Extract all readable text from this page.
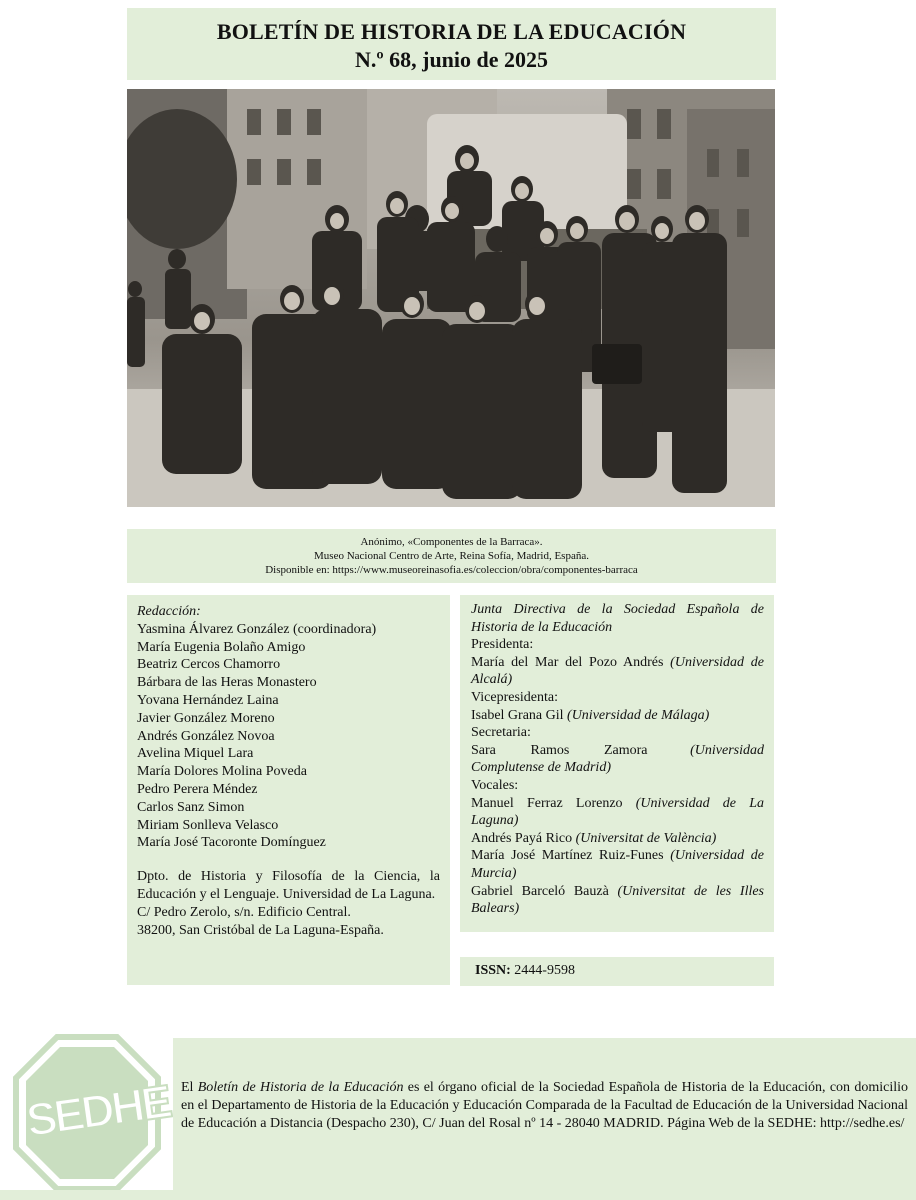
BOLETÍN DE HISTORIA DE LA EDUCACIÓN
N.º 68, junio de 2025
Anónimo, «Componentes de la Barraca».
Museo Nacional Centro de Arte, Reina Sofía, Madrid, España.
Disponible en: https://www.museoreinasofia.es/coleccion/obra/componentes-barraca
Redacción:
Yasmina Álvarez González (coordinadora)
María Eugenia Bolaño Amigo
Beatriz Cercos Chamorro
Bárbara de las Heras Monastero
Yovana Hernández Laina
Javier González Moreno
Andrés González Novoa
Avelina Miquel Lara
María Dolores Molina Poveda
Pedro Perera Méndez
Carlos Sanz Simon
Miriam Sonlleva Velasco
María José Tacoronte Domínguez
Dpto. de Historia y Filosofía de la Ciencia, la Educación y el Lenguaje. Universidad de La Laguna.
C/ Pedro Zerolo, s/n. Edificio Central.
38200, San Cristóbal de La Laguna-España.
Junta Directiva de la Sociedad Española de Historia de la Educación
Presidenta:
María del Mar del Pozo Andrés (Universidad de Alcalá)
Vicepresidenta:
Isabel Grana Gil (Universidad de Málaga)
Secretaria:
Sara Ramos Zamora	(Universidad Complutense de Madrid)
Vocales:
Manuel Ferraz Lorenzo (Universidad de La Laguna)
Andrés Payá Rico (Universitat de València)
María José Martínez Ruiz-Funes (Universidad de Murcia)
Gabriel Barceló Bauzà (Universitat de les Illes Balears)
ISSN: 2444-9598
SEDHE El Boletín de Historia de la Educación es el órgano oficial de la Sociedad Española de Historia de la Educación, con domicilio en el Departamento de Historia de la Educación y Educación Comparada de la Facultad de Educación de la Universidad Nacional de Educación a Distancia (Despacho 230), C/ Juan del Rosal nº 14 - 28040 MADRID. Página Web de la SEDHE: http://sedhe.es/
